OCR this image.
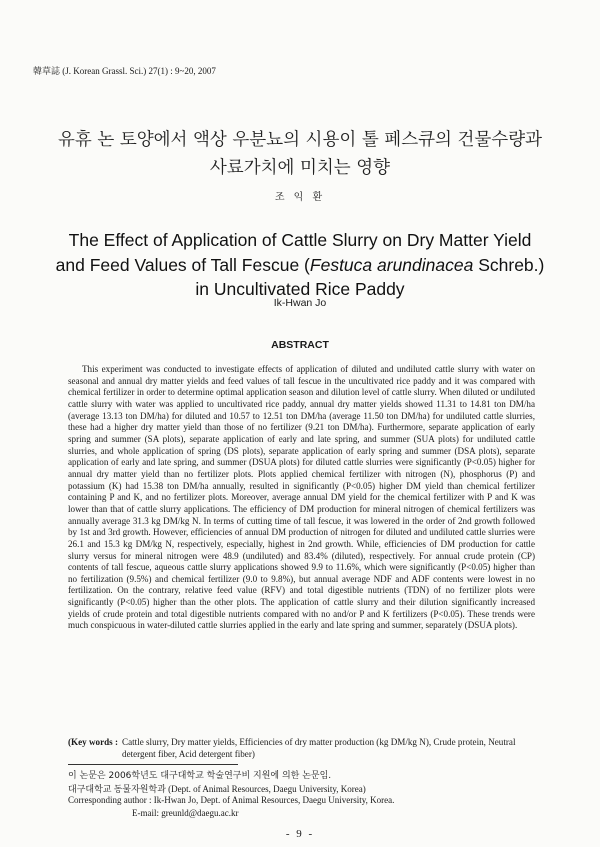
韓草誌 (J. Korean Grassl. Sci.) 27(1) : 9~20, 2007
유휴 논 토양에서 액상 우분뇨의 시용이 톨 페스큐의 건물수량과
사료가치에 미치는 영향
조 익 환
The Effect of Application of Cattle Slurry on Dry Matter Yield
and Feed Values of Tall Fescue (Festuca arundinacea Schreb.)
in Uncultivated Rice Paddy
Ik-Hwan Jo
ABSTRACT
This experiment was conducted to investigate effects of application of diluted and undiluted cattle slurry with water on seasonal and annual dry matter yields and feed values of tall fescue in the uncultivated rice paddy and it was compared with chemical fertilizer in order to determine optimal application season and dilution level of cattle slurry. When diluted or undiluted cattle slurry with water was applied to uncultivated rice paddy, annual dry matter yields showed 11.31 to 14.81 ton DM/ha (average 13.13 ton DM/ha) for diluted and 10.57 to 12.51 ton DM/ha (average 11.50 ton DM/ha) for undiluted cattle slurries, these had a higher dry matter yield than those of no fertilizer (9.21 ton DM/ha). Furthermore, separate application of early spring and summer (SA plots), separate application of early and late spring, and summer (SUA plots) for undiluted cattle slurries, and whole application of spring (DS plots), separate application of early spring and summer (DSA plots), separate application of early and late spring, and summer (DSUA plots) for diluted cattle slurries were significantly (P<0.05) higher for annual dry matter yield than no fertilizer plots. Plots applied chemical fertilizer with nitrogen (N), phosphorus (P) and potassium (K) had 15.38 ton DM/ha annually, resulted in significantly (P<0.05) higher DM yield than chemical fertilizer containing P and K, and no fertilizer plots. Moreover, average annual DM yield for the chemical fertilizer with P and K was lower than that of cattle slurry applications. The efficiency of DM production for mineral nitrogen of chemical fertilizers was annually average 31.3 kg DM/kg N. In terms of cutting time of tall fescue, it was lowered in the order of 2nd growth followed by 1st and 3rd growth. However, efficiencies of annual DM production of nitrogen for diluted and undiluted cattle slurries were 26.1 and 15.3 kg DM/kg N, respectively, especially, highest in 2nd growth. While, efficiencies of DM production for cattle slurry versus for mineral nitrogen were 48.9 (undiluted) and 83.4% (diluted), respectively. For annual crude protein (CP) contents of tall fescue, aqueous cattle slurry applications showed 9.9 to 11.6%, which were significantly (P<0.05) higher than no fertilization (9.5%) and chemical fertilizer (9.0 to 9.8%), but annual average NDF and ADF contents were lowest in no fertilization. On the contrary, relative feed value (RFV) and total digestible nutrients (TDN) of no fertilizer plots were significantly (P<0.05) higher than the other plots. The application of cattle slurry and their dilution significantly increased yields of crude protein and total digestible nutrients compared with no and/or P and K fertilizers (P<0.05). These trends were much conspicuous in water-diluted cattle slurries applied in the early and late spring and summer, separately (DSUA plots).
(Key words : Cattle slurry, Dry matter yields, Efficiencies of dry matter production (kg DM/kg N), Crude protein, Neutral detergent fiber, Acid detergent fiber)
이 논문은 2006학년도 대구대학교 학술연구비 지원에 의한 논문임.
대구대학교 동물자원학과 (Dept. of Animal Resources, Daegu University, Korea)
Corresponding author : Ik-Hwan Jo, Dept. of Animal Resources, Daegu University, Korea.
E-mail: greunld@daegu.ac.kr
- 9 -
